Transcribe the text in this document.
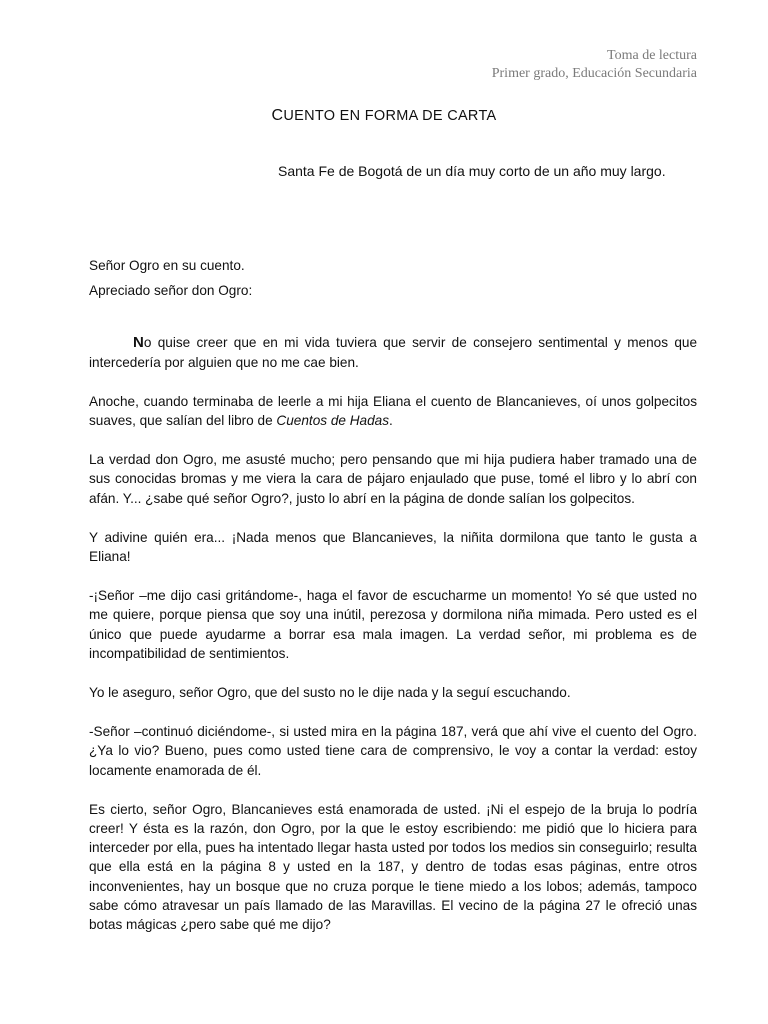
Toma de lectura
Primer grado, Educación Secundaria
CUENTO EN FORMA DE CARTA
Santa Fe de Bogotá de un día muy corto de un año muy largo.

Señor Ogro en su cuento.

Apreciado señor don Ogro:

No quise creer que en mi vida tuviera que servir de consejero sentimental y menos que intercedería por alguien que no me cae bien.

Anoche, cuando terminaba de leerle a mi hija Eliana el cuento de Blancanieves, oí unos golpecitos suaves, que salían del libro de Cuentos de Hadas.

La verdad don Ogro, me asusté mucho; pero pensando que mi hija pudiera haber tramado una de sus conocidas bromas y me viera la cara de pájaro enjaulado que puse, tomé el libro y lo abrí con afán. Y... ¿sabe qué señor Ogro?, justo lo abrí en la página de donde salían los golpecitos.

Y adivine quién era... ¡Nada menos que Blancanieves, la niñita dormilona que tanto le gusta a Eliana!

-¡Señor –me dijo casi gritándome-, haga el favor de escucharme un momento! Yo sé que usted no me quiere, porque piensa que soy una inútil, perezosa y dormilona niña mimada. Pero usted es el único que puede ayudarme a borrar esa mala imagen. La verdad señor, mi problema es de incompatibilidad de sentimientos.

Yo le aseguro, señor Ogro, que del susto no le dije nada y la seguí escuchando.

-Señor –continuó diciéndome-, si usted mira en la página 187, verá que ahí vive el cuento del Ogro. ¿Ya lo vio? Bueno, pues como usted tiene cara de comprensivo, le voy a contar la verdad: estoy locamente enamorada de él.

Es cierto, señor Ogro, Blancanieves está enamorada de usted. ¡Ni el espejo de la bruja lo podría creer! Y ésta es la razón, don Ogro, por la que le estoy escribiendo: me pidió que lo hiciera para interceder por ella, pues ha intentado llegar hasta usted por todos los medios sin conseguirlo; resulta que ella está en la página 8 y usted en la 187, y dentro de todas esas páginas, entre otros inconvenientes, hay un bosque que no cruza porque le tiene miedo a los lobos; además, tampoco sabe cómo atravesar un país llamado de las Maravillas. El vecino de la página 27 le ofreció unas botas mágicas ¿pero sabe qué me dijo?
